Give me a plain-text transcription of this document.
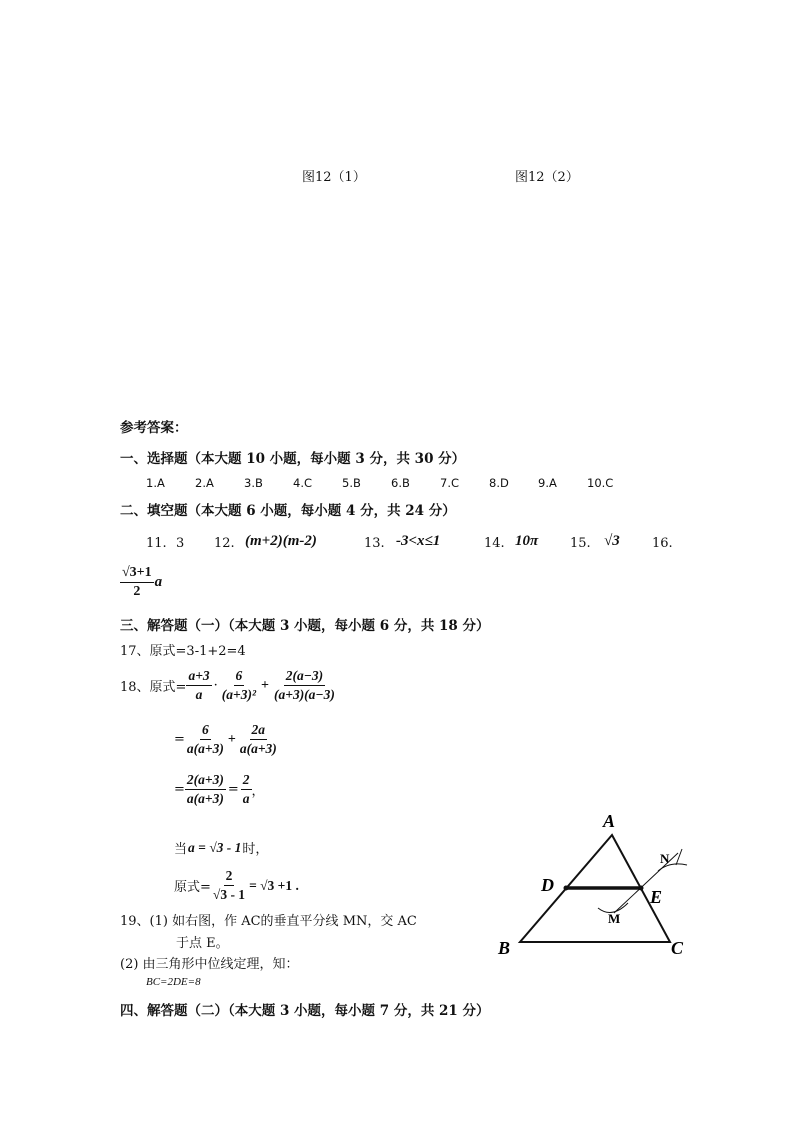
图12（1）	图12（2）
参考答案：
一、选择题（本大题 10 小题，每小题 3 分，共 30 分）
1.A	2.A	3.B	4.C	5.B	6.B	7.C	8.D	9.A	10.C
二、填空题（本大题 6 小题，每小题 4 分，共 24 分）
11. 3 12. (m+2)(m-2)	13. -3<x≤1	14. 10π 15. √3 16.
$\frac{√3+1}{2}$ a
三、解答题（一）（本大题 3 小题，每小题 6 分，共 18 分）
17、原式=3-1+2=4
18、原式= $\frac{a+3}{a} \cdot \frac{6}{\text{(a+3)²}} + \frac{2(a-3)}{(a+3)(a-3)}$
= $\frac{6}{a(a+3)} + \frac{2a}{a(a+3)}$
= $\frac{2(a+3)}{a(a+3)} = \frac{2}{a}$ ，
当 a = √3 - 1 时，
原式= $\frac{2}{√3 - 1} = √3 +1$ .
19、(1) 如右图，作 AC的垂直平分线 MN，交 AC
于点 E。
(2) 由三角形中位线定理，知：
BC=2DE=8
四、解答题（二）（本大题 3 小题，每小题 7 分，共 21 分）
A
B	C
D
E
M
N
